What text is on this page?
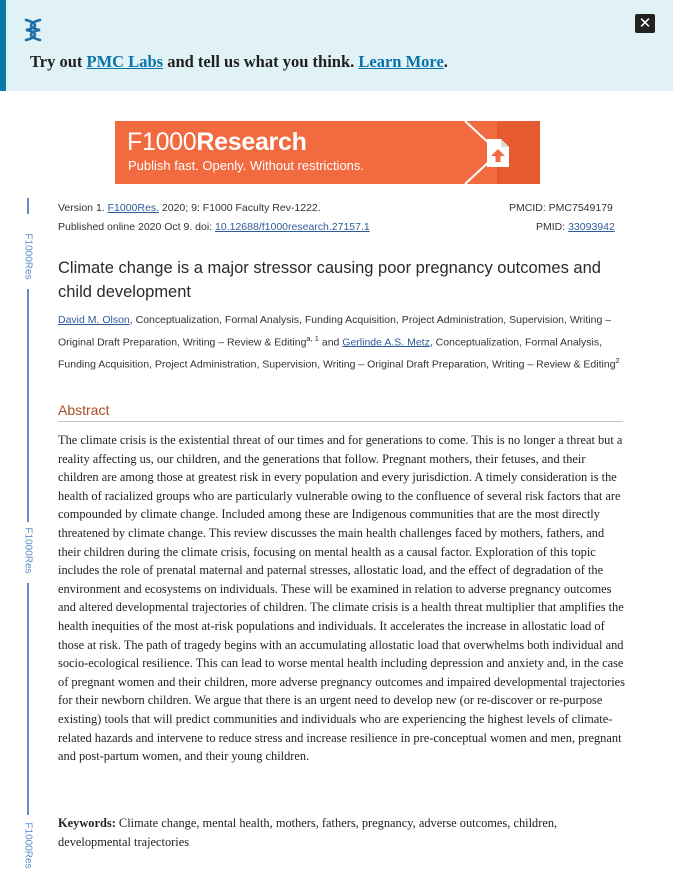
✕
Try out PMC Labs and tell us what you think. Learn More.
F1000Research
Publish fast. Openly. Without restrictions.
F1000Res
F1000Res
F1000Res
Version 1. F1000Res. 2020; 9: F1000 Faculty Rev-1222.
Published online 2020 Oct 9. doi: 10.12688/f1000research.27157.1
PMCID: PMC7549179
PMID: 33093942
Climate change is a major stressor causing poor pregnancy outcomes and child development
David M. Olson, Conceptualization, Formal Analysis, Funding Acquisition, Project Administration, Supervision, Writing – Original Draft Preparation, Writing – Review & Editing$^{a, 1}$ and Gerlinde A.S. Metz, Conceptualization, Formal Analysis, Funding Acquisition, Project Administration, Supervision, Writing – Original Draft Preparation, Writing – Review & Editing$^2$
Abstract
The climate crisis is the existential threat of our times and for generations to come. This is no longer a threat but a reality affecting us, our children, and the generations that follow. Pregnant mothers, their fetuses, and their children are among those at greatest risk in every population and every jurisdiction. A timely consideration is the health of racialized groups who are particularly vulnerable owing to the confluence of several risk factors that are compounded by climate change. Included among these are Indigenous communities that are the most directly threatened by climate change. This review discusses the main health challenges faced by mothers, fathers, and their children during the climate crisis, focusing on mental health as a causal factor. Exploration of this topic includes the role of prenatal maternal and paternal stresses, allostatic load, and the effect of degradation of the environment and ecosystems on individuals. These will be examined in relation to adverse pregnancy outcomes and altered developmental trajectories of children. The climate crisis is a health threat multiplier that amplifies the health inequities of the most at-risk populations and individuals. It accelerates the increase in allostatic load of those at risk. The path of tragedy begins with an accumulating allostatic load that overwhelms both individual and socio-ecological resilience. This can lead to worse mental health including depression and anxiety and, in the case of pregnant women and their children, more adverse pregnancy outcomes and impaired developmental trajectories for their newborn children. We argue that there is an urgent need to develop new (or re-discover or re-purpose existing) tools that will predict communities and individuals who are experiencing the highest levels of climate-related hazards and intervene to reduce stress and increase resilience in pre-conceptual women and men, pregnant and post-partum women, and their young children.
Keywords: Climate change, mental health, mothers, fathers, pregnancy, adverse outcomes, children, developmental trajectories
